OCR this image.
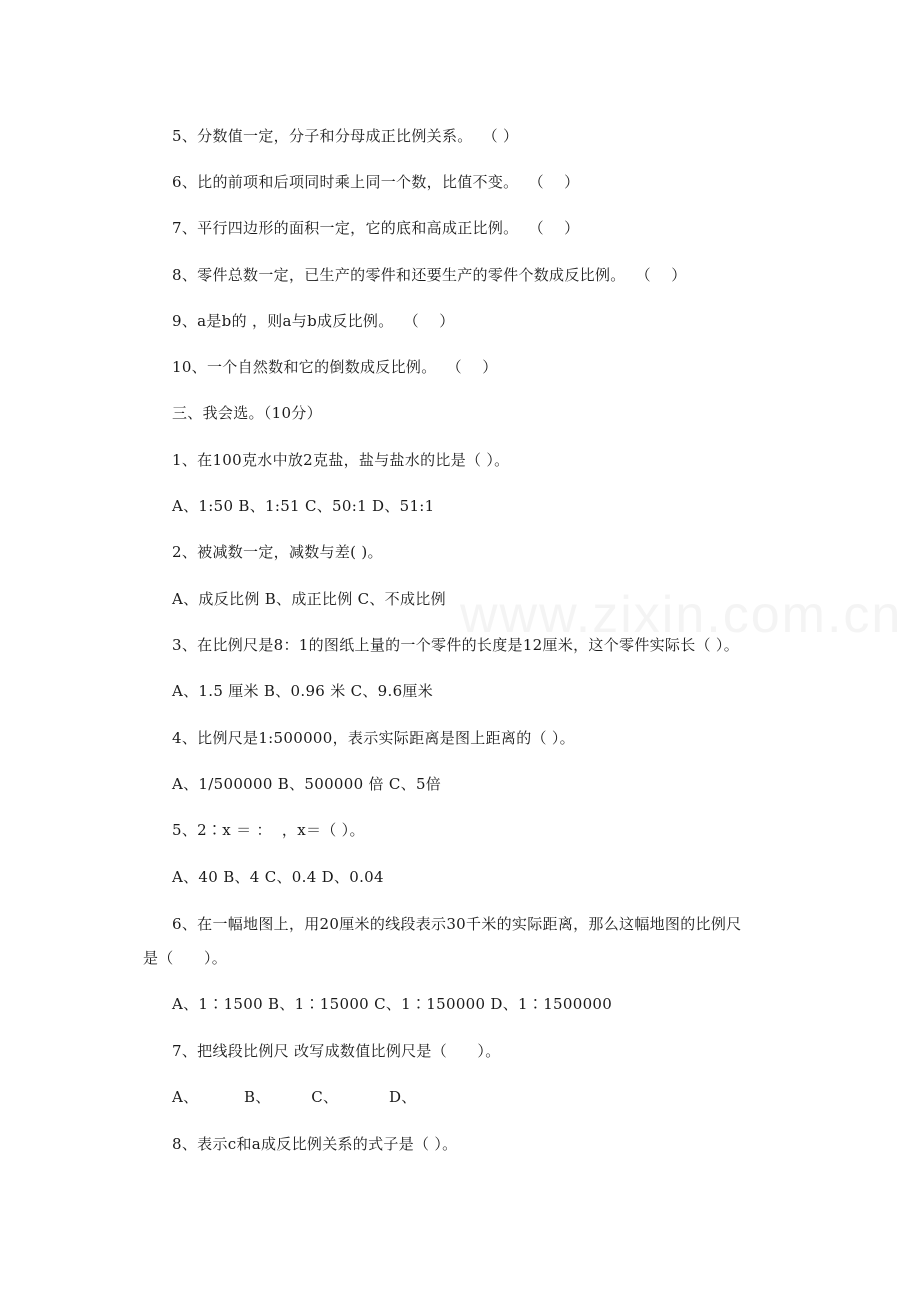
www.zixin.com.cn
5、分数值一定，分子和分母成正比例关系。  （ ）
6、比的前项和后项同时乘上同一个数，比值不变。  （    ）
7、平行四边形的面积一定，它的底和高成正比例。  （    ）
8、零件总数一定，已生产的零件和还要生产的零件个数成反比例。  （    ）
9、a是b的 ，则a与b成反比例。  （    ）
10、一个自然数和它的倒数成反比例。  （    ）
三、我会选。（10分）
1、在100克水中放2克盐，盐与盐水的比是（ ）。
A、1:50 B、1:51 C、50:1 D、51:1
2、被减数一定，减数与差( )。
A、成反比例 B、成正比例 C、不成比例
3、在比例尺是8：1的图纸上量的一个零件的长度是12厘米，这个零件实际长（ ）。
A、1.5 厘米 B、0.96 米 C、9.6厘米
4、比例尺是1:500000，表示实际距离是图上距离的（ ）。
A、1/500000 B、500000 倍 C、5倍
5、2∶x ＝ ：  ，x＝（ ）。
A、40 B、4 C、0.4 D、0.04
6、在一幅地图上，用20厘米的线段表示30千米的实际距离，那么这幅地图的比例尺
是（      ）。
A、1∶1500 B、1∶15000 C、1∶150000 D、1∶1500000
7、把线段比例尺 改写成数值比例尺是（      ）。
A、         B、        C、          D、
8、表示c和a成反比例关系的式子是（ ）。
